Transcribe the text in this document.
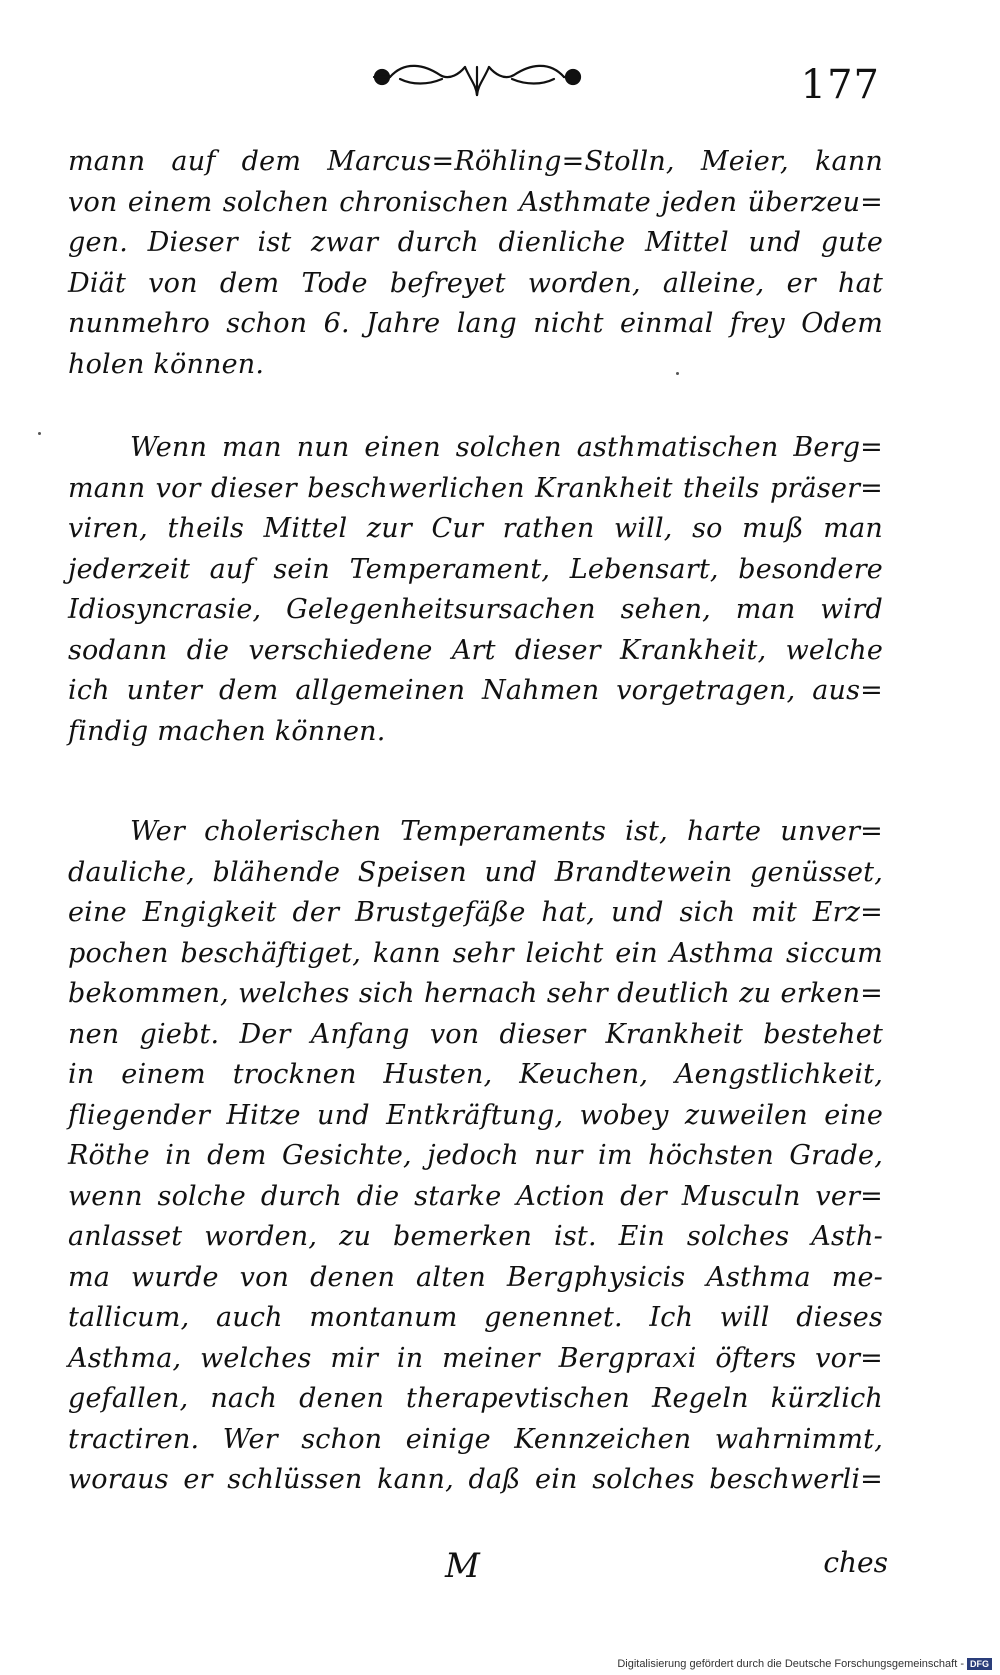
177
mann auf dem Marcus=Röhling=Stolln, Meier, kann
von einem solchen chronischen Asthmate jeden überzeu=
gen. Dieser ist zwar durch dienliche Mittel und gute
Diät von dem Tode befreyet worden, alleine, er hat
nunmehro schon 6. Jahre lang nicht einmal frey Odem
holen können.
Wenn man nun einen solchen asthmatischen Berg=
mann vor dieser beschwerlichen Krankheit theils präser=
viren, theils Mittel zur Cur rathen will, so muß man
jederzeit auf sein Temperament, Lebensart, besondere
Idiosyncrasie, Gelegenheitsursachen sehen, man wird
sodann die verschiedene Art dieser Krankheit, welche
ich unter dem allgemeinen Nahmen vorgetragen, aus=
findig machen können.
Wer cholerischen Temperaments ist, harte unver=
dauliche, blähende Speisen und Brandtewein genüsset,
eine Engigkeit der Brustgefäße hat, und sich mit Erz=
pochen beschäftiget, kann sehr leicht ein Asthma siccum
bekommen, welches sich hernach sehr deutlich zu erken=
nen giebt. Der Anfang von dieser Krankheit bestehet
in einem trocknen Husten, Keuchen, Aengstlichkeit,
fliegender Hitze und Entkräftung, wobey zuweilen eine
Röthe in dem Gesichte, jedoch nur im höchsten Grade,
wenn solche durch die starke Action der Musculn ver=
anlasset worden, zu bemerken ist. Ein solches Asth-
ma wurde von denen alten Bergphysicis Asthma me-
tallicum, auch montanum genennet. Ich will dieses
Asthma, welches mir in meiner Bergpraxi öfters vor=
gefallen, nach denen therapevtischen Regeln kürzlich
tractiren. Wer schon einige Kennzeichen wahrnimmt,
woraus er schlüssen kann, daß ein solches beschwerli=
M	ches
Digitalisierung gefördert durch die Deutsche Forschungsgemeinschaft - DFG
